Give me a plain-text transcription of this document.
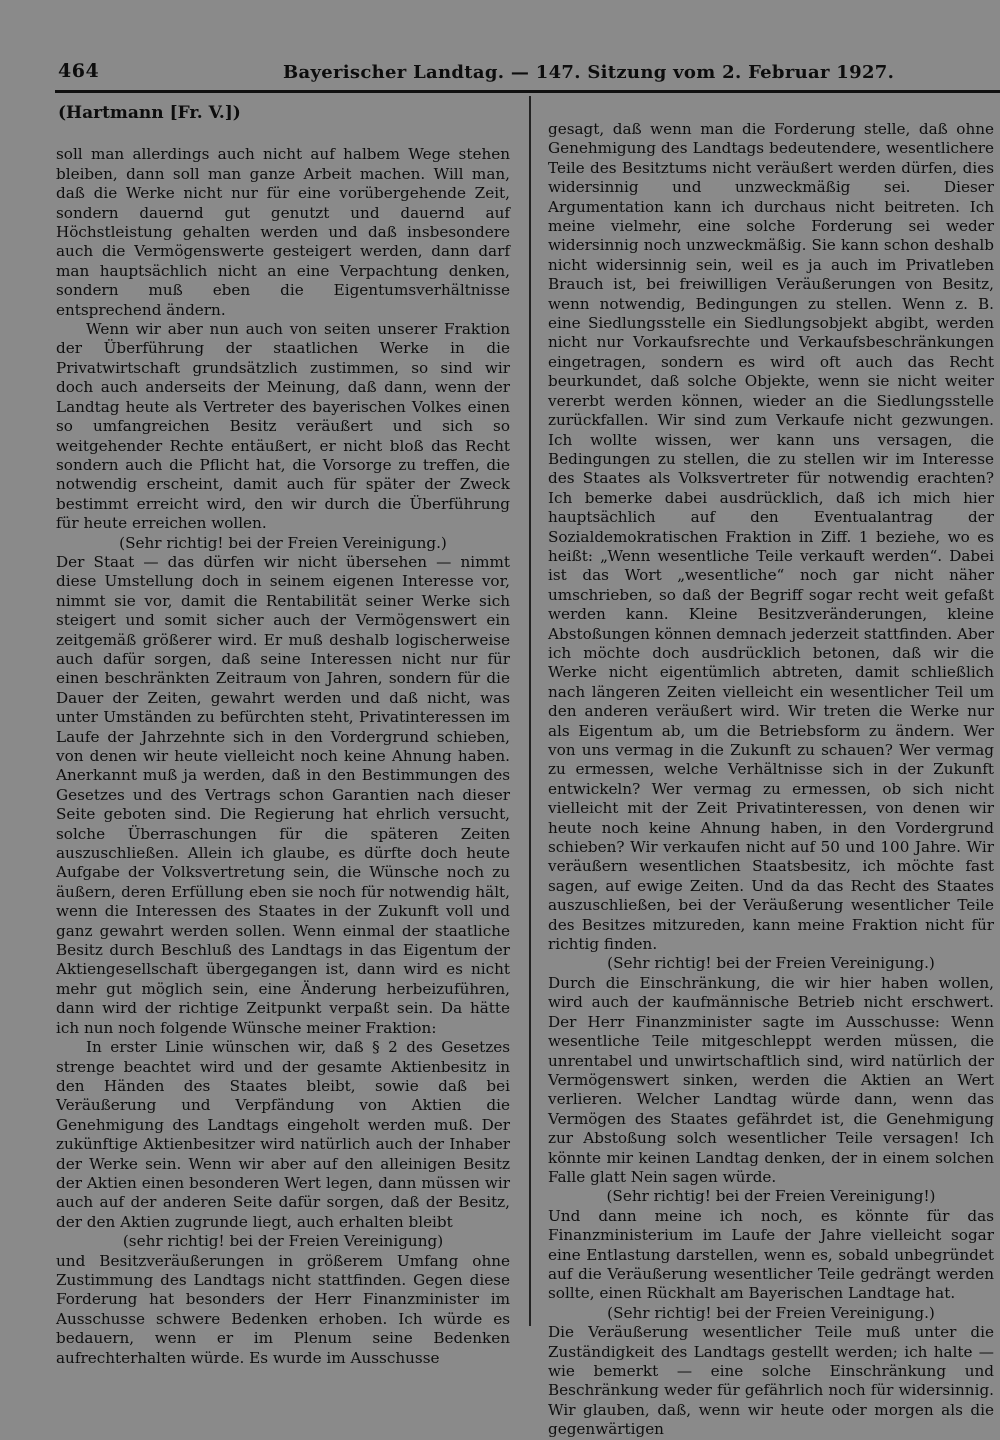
464	Bayerischer Landtag. — 147. Sitzung vom 2. Februar 1927.
(Hartmann [Fr. V.])

soll man allerdings auch nicht auf halbem Wege stehen bleiben, dann soll man ganze Arbeit machen. Will man, daß die Werke nicht nur für eine vorübergehende Zeit, sondern dauernd gut genutzt und dauernd auf Höchstleistung gehalten werden und daß insbesondere auch die Vermögenswerte gesteigert werden, dann darf man hauptsächlich nicht an eine Verpachtung denken, sondern muß eben die Eigentumsverhältnisse entsprechend ändern.

Wenn wir aber nun auch von seiten unserer Fraktion der Überführung der staatlichen Werke in die Privatwirtschaft grundsätzlich zustimmen, so sind wir doch auch anderseits der Meinung, daß dann, wenn der Landtag heute als Vertreter des bayerischen Volkes einen so umfangreichen Besitz veräußert und sich so weitgehender Rechte entäußert, er nicht bloß das Recht sondern auch die Pflicht hat, die Vorsorge zu treffen, die notwendig erscheint, damit auch für später der Zweck bestimmt erreicht wird, den wir durch die Überführung für heute erreichen wollen.

(Sehr richtig! bei der Freien Vereinigung.)

Der Staat — das dürfen wir nicht übersehen — nimmt diese Umstellung doch in seinem eigenen Interesse vor, nimmt sie vor, damit die Rentabilität seiner Werke sich steigert und somit sicher auch der Vermögenswert ein zeitgemäß größerer wird. Er muß deshalb logischerweise auch dafür sorgen, daß seine Interessen nicht nur für einen beschränkten Zeitraum von Jahren, sondern für die Dauer der Zeiten, gewahrt werden und daß nicht, was unter Umständen zu befürchten steht, Privatinteressen im Laufe der Jahrzehnte sich in den Vordergrund schieben, von denen wir heute vielleicht noch keine Ahnung haben. Anerkannt muß ja werden, daß in den Bestimmungen des Gesetzes und des Vertrags schon Garantien nach dieser Seite geboten sind. Die Regierung hat ehrlich versucht, solche Überraschungen für die späteren Zeiten auszuschließen. Allein ich glaube, es dürfte doch heute Aufgabe der Volksvertretung sein, die Wünsche noch zu äußern, deren Erfüllung eben sie noch für notwendig hält, wenn die Interessen des Staates in der Zukunft voll und ganz gewahrt werden sollen. Wenn einmal der staatliche Besitz durch Beschluß des Landtags in das Eigentum der Aktiengesellschaft übergegangen ist, dann wird es nicht mehr gut möglich sein, eine Änderung herbeizuführen, dann wird der richtige Zeitpunkt verpaßt sein. Da hätte ich nun noch folgende Wünsche meiner Fraktion:

In erster Linie wünschen wir, daß § 2 des Gesetzes strenge beachtet wird und der gesamte Aktienbesitz in den Händen des Staates bleibt, sowie daß bei Veräußerung und Verpfändung von Aktien die Genehmigung des Landtags eingeholt werden muß. Der zukünftige Aktienbesitzer wird natürlich auch der Inhaber der Werke sein. Wenn wir aber auf den alleinigen Besitz der Aktien einen besonderen Wert legen, dann müssen wir auch auf der anderen Seite dafür sorgen, daß der Besitz, der den Aktien zugrunde liegt, auch erhalten bleibt

(sehr richtig! bei der Freien Vereinigung)

und Besitzveräußerungen in größerem Umfang ohne Zustimmung des Landtags nicht stattfinden. Gegen diese Forderung hat besonders der Herr Finanzminister im Ausschusse schwere Bedenken erhoben. Ich würde es bedauern, wenn er im Plenum seine Bedenken aufrechterhalten würde. Es wurde im Ausschusse

gesagt, daß wenn man die Forderung stelle, daß ohne Genehmigung des Landtags bedeutendere, wesentlichere Teile des Besitztums nicht veräußert werden dürfen, dies widersinnig und unzweckmäßig sei. Dieser Argumentation kann ich durchaus nicht beitreten. Ich meine vielmehr, eine solche Forderung sei weder widersinnig noch unzweckmäßig. Sie kann schon deshalb nicht widersinnig sein, weil es ja auch im Privatleben Brauch ist, bei freiwilligen Veräußerungen von Besitz, wenn notwendig, Bedingungen zu stellen. Wenn z. B. eine Siedlungsstelle ein Siedlungsobjekt abgibt, werden nicht nur Vorkaufsrechte und Verkaufsbeschränkungen eingetragen, sondern es wird oft auch das Recht beurkundet, daß solche Objekte, wenn sie nicht weiter vererbt werden können, wieder an die Siedlungsstelle zurückfallen. Wir sind zum Verkaufe nicht gezwungen. Ich wollte wissen, wer kann uns versagen, die Bedingungen zu stellen, die zu stellen wir im Interesse des Staates als Volksvertreter für notwendig erachten? Ich bemerke dabei ausdrücklich, daß ich mich hier hauptsächlich auf den Eventualantrag der Sozialdemokratischen Fraktion in Ziff. 1 beziehe, wo es heißt: „Wenn wesentliche Teile verkauft werden“. Dabei ist das Wort „wesentliche“ noch gar nicht näher umschrieben, so daß der Begriff sogar recht weit gefaßt werden kann. Kleine Besitzveränderungen, kleine Abstoßungen können demnach jederzeit stattfinden. Aber ich möchte doch ausdrücklich betonen, daß wir die Werke nicht eigentümlich abtreten, damit schließlich nach längeren Zeiten vielleicht ein wesentlicher Teil um den anderen veräußert wird. Wir treten die Werke nur als Eigentum ab, um die Betriebsform zu ändern. Wer von uns vermag in die Zukunft zu schauen? Wer vermag zu ermessen, welche Verhältnisse sich in der Zukunft entwickeln? Wer vermag zu ermessen, ob sich nicht vielleicht mit der Zeit Privatinteressen, von denen wir heute noch keine Ahnung haben, in den Vordergrund schieben? Wir verkaufen nicht auf 50 und 100 Jahre. Wir veräußern wesentlichen Staatsbesitz, ich möchte fast sagen, auf ewige Zeiten. Und da das Recht des Staates auszuschließen, bei der Veräußerung wesentlicher Teile des Besitzes mitzureden, kann meine Fraktion nicht für richtig finden.

(Sehr richtig! bei der Freien Vereinigung.)

Durch die Einschränkung, die wir hier haben wollen, wird auch der kaufmännische Betrieb nicht erschwert. Der Herr Finanzminister sagte im Ausschusse: Wenn wesentliche Teile mitgeschleppt werden müssen, die unrentabel und unwirtschaftlich sind, wird natürlich der Vermögenswert sinken, werden die Aktien an Wert verlieren. Welcher Landtag würde dann, wenn das Vermögen des Staates gefährdet ist, die Genehmigung zur Abstoßung solch wesentlicher Teile versagen! Ich könnte mir keinen Landtag denken, der in einem solchen Falle glatt Nein sagen würde.

(Sehr richtig! bei der Freien Vereinigung!)

Und dann meine ich noch, es könnte für das Finanzministerium im Laufe der Jahre vielleicht sogar eine Entlastung darstellen, wenn es, sobald unbegründet auf die Veräußerung wesentlicher Teile gedrängt werden sollte, einen Rückhalt am Bayerischen Landtage hat.

(Sehr richtig! bei der Freien Vereinigung.)

Die Veräußerung wesentlicher Teile muß unter die Zuständigkeit des Landtags gestellt werden; ich halte — wie bemerkt — eine solche Einschränkung und Beschränkung weder für gefährlich noch für widersinnig. Wir glauben, daß, wenn wir heute oder morgen als die gegenwärtigen
